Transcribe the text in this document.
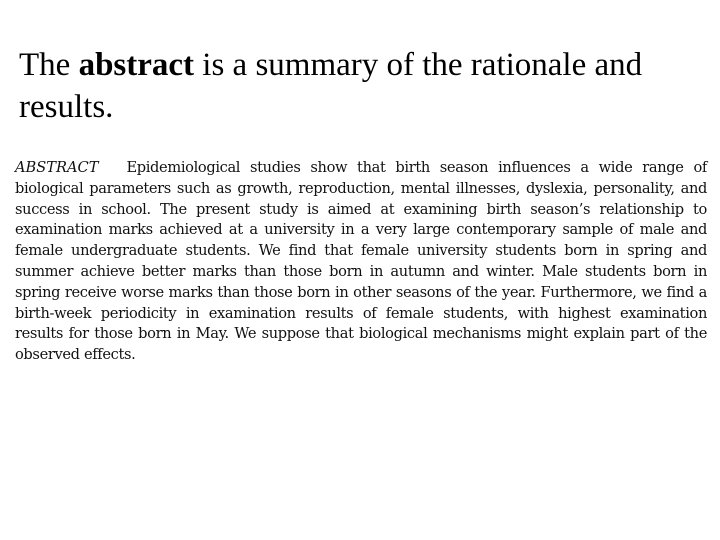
The abstract is a summary of the rationale and results.

ABSTRACT Epidemiological studies show that birth season influences a wide range of biological parameters such as growth, reproduction, mental illnesses, dyslexia, personality, and success in school. The present study is aimed at examining birth season’s relationship to examination marks achieved at a university in a very large contemporary sample of male and female undergraduate students. We find that female university students born in spring and summer achieve better marks than those born in autumn and winter. Male students born in spring receive worse marks than those born in other seasons of the year. Furthermore, we find a birth-week periodicity in examination results of female students, with highest examination results for those born in May. We suppose that biological mechanisms might explain part of the observed effects.
